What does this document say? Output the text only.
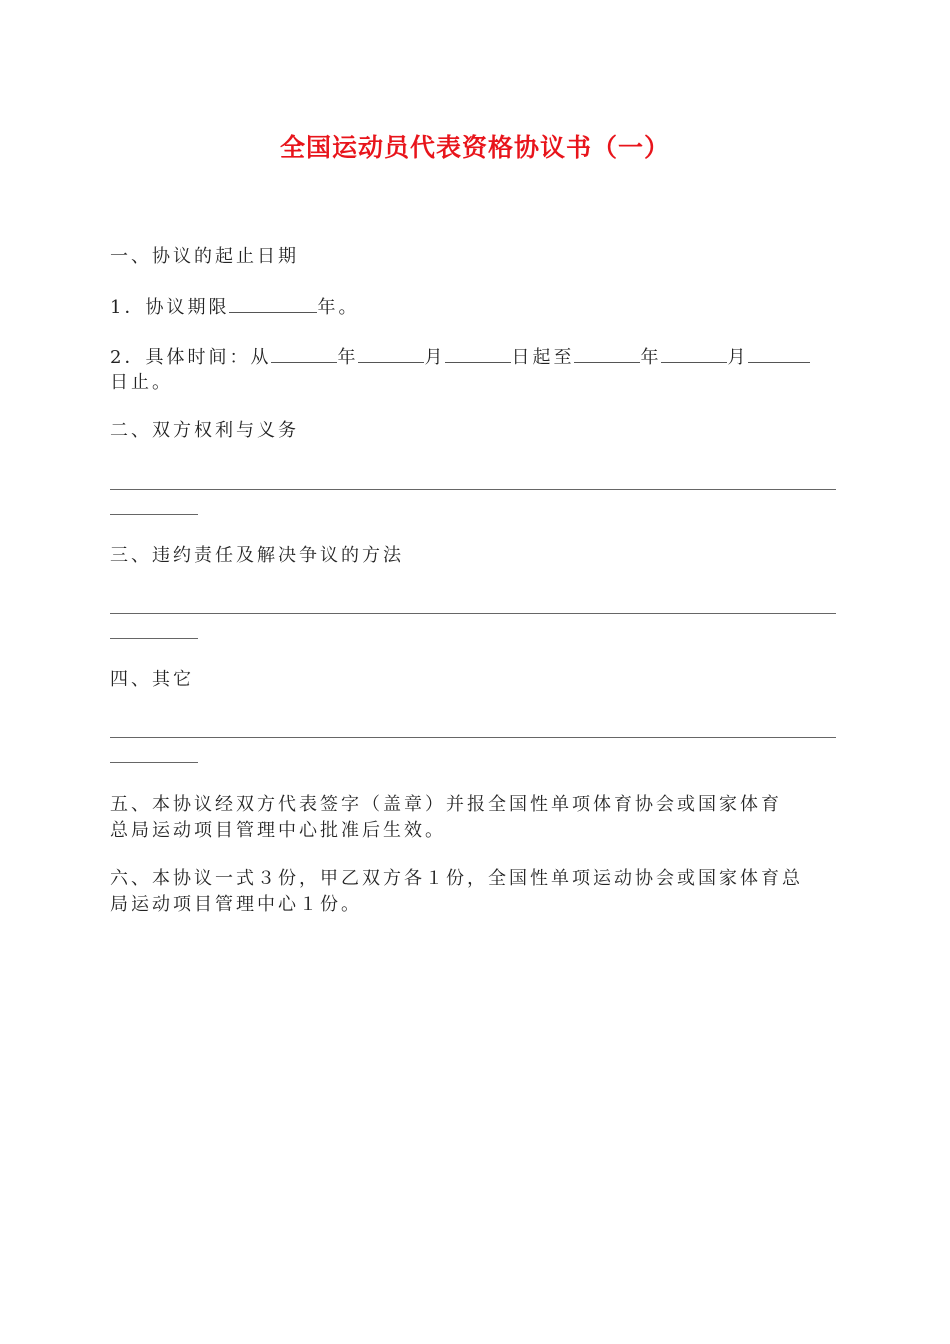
全国运动员代表资格协议书（一）
一、协议的起止日期
1．协议期限	年。
2．具体时间：从	年	月	日起至	年	月
日止。
二、双方权利与义务
三、违约责任及解决争议的方法
四、其它
五、本协议经双方代表签字（盖章）并报全国性单项体育协会或国家体育
总局运动项目管理中心批准后生效。
六、本协议一式３份，甲乙双方各１份，全国性单项运动协会或国家体育总
局运动项目管理中心１份。
